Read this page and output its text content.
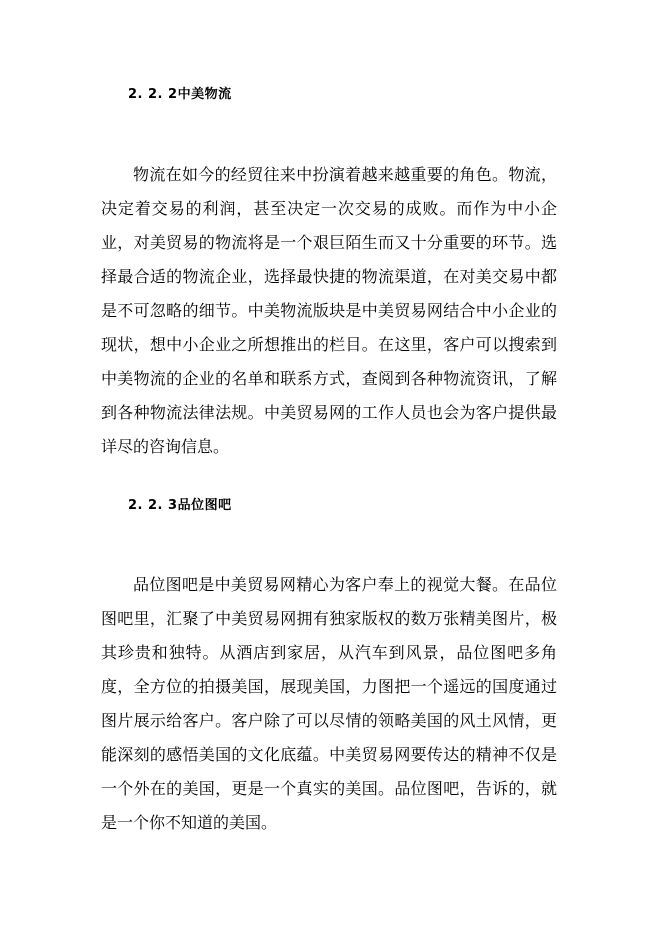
2. 2. 2中美物流

物流在如今的经贸往来中扮演着越来越重要的角色。物流，决定着交易的利润，甚至决定一次交易的成败。而作为中小企业，对美贸易的物流将是一个艰巨陌生而又十分重要的环节。选择最合适的物流企业，选择最快捷的物流渠道，在对美交易中都是不可忽略的细节。中美物流版块是中美贸易网结合中小企业的现状，想中小企业之所想推出的栏目。在这里，客户可以搜索到中美物流的企业的名单和联系方式，查阅到各种物流资讯，了解到各种物流法律法规。中美贸易网的工作人员也会为客户提供最详尽的咨询信息。

2. 2. 3品位图吧

品位图吧是中美贸易网精心为客户奉上的视觉大餐。在品位图吧里，汇聚了中美贸易网拥有独家版权的数万张精美图片，极其珍贵和独特。从酒店到家居，从汽车到风景，品位图吧多角度，全方位的拍摄美国，展现美国，力图把一个遥远的国度通过图片展示给客户。客户除了可以尽情的领略美国的风土风情，更能深刻的感悟美国的文化底蕴。中美贸易网要传达的精神不仅是一个外在的美国，更是一个真实的美国。品位图吧，告诉的，就是一个你不知道的美国。
